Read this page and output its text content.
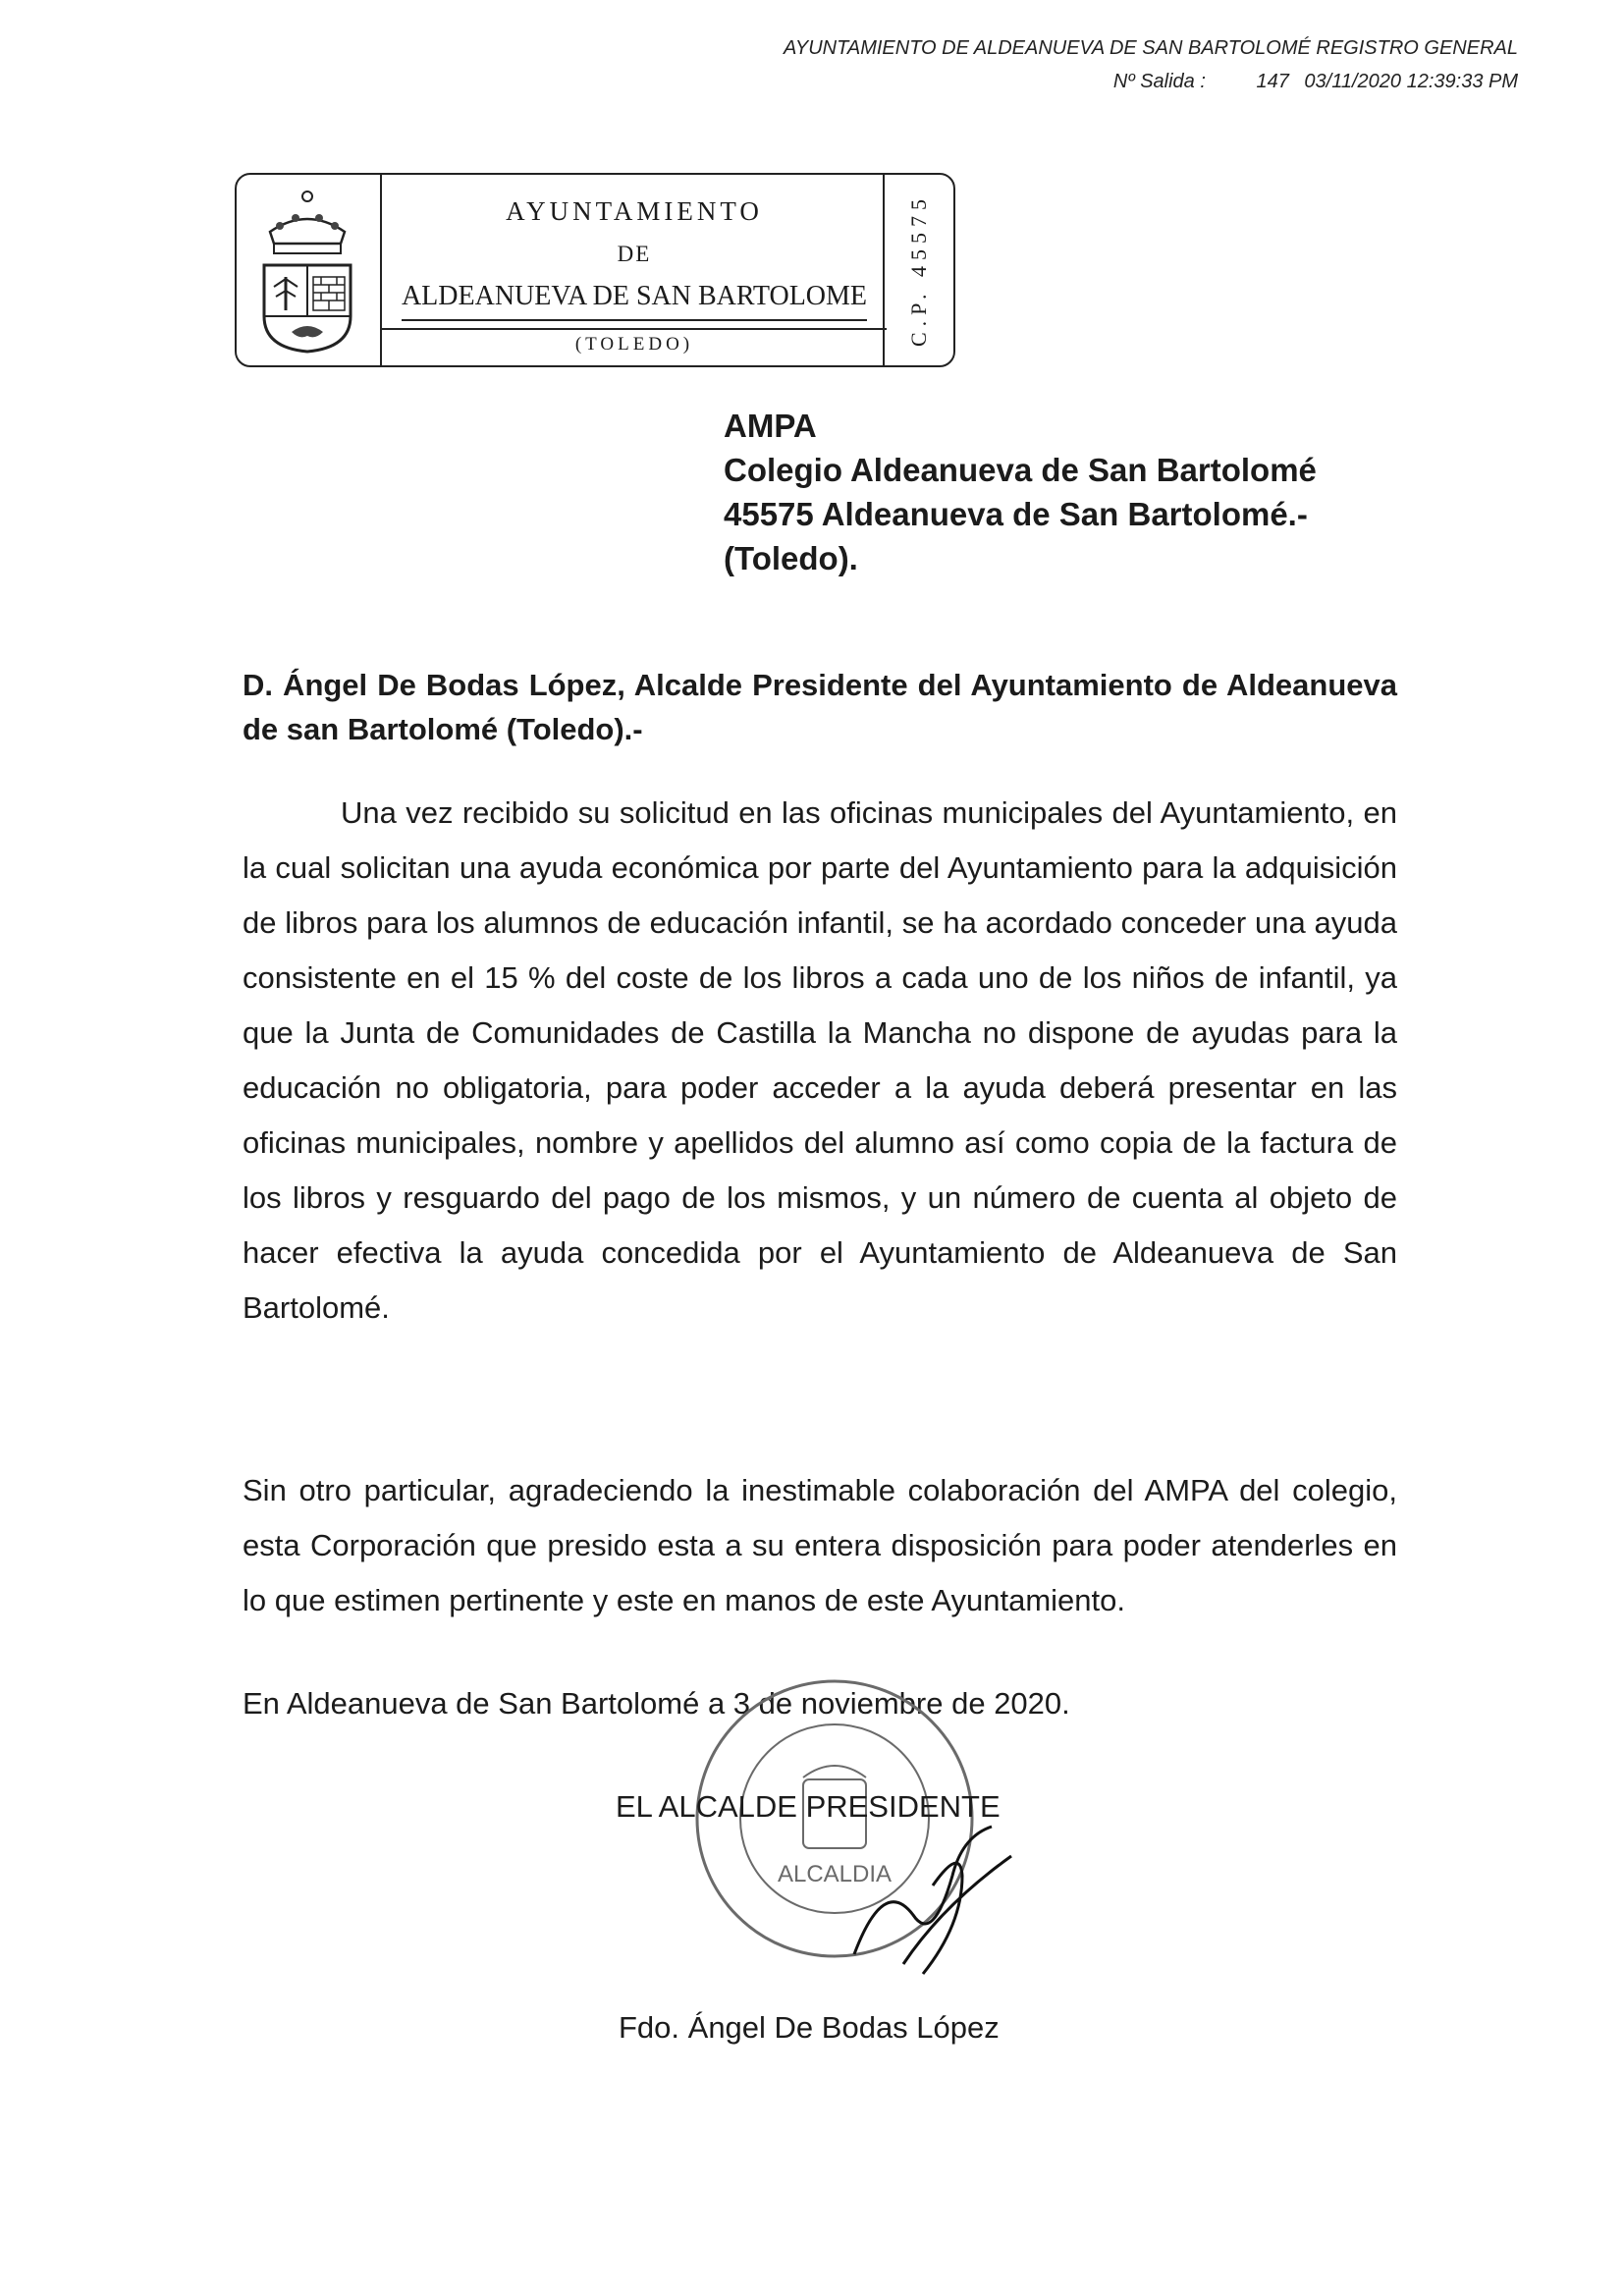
AYUNTAMIENTO DE ALDEANUEVA DE SAN BARTOLOMÉ REGISTRO GENERAL
Nº Salida :	147 03/11/2020 12:39:33 PM
AYUNTAMIENTO
DE
ALDEANUEVA DE SAN BARTOLOME
(TOLEDO)	C.P. 45575
AMPA
Colegio Aldeanueva de San Bartolomé
45575 Aldeanueva de San Bartolomé.-
(Toledo).
D. Ángel De Bodas López, Alcalde Presidente del Ayuntamiento de Aldeanueva de san Bartolomé (Toledo).-
Una vez recibido su solicitud en las oficinas municipales del Ayuntamiento, en la cual solicitan una ayuda económica por parte del Ayuntamiento para la adquisición de libros para los alumnos de educación infantil, se ha acordado conceder una ayuda consistente en el 15 % del coste de los libros a cada uno de los niños de infantil, ya que la Junta de Comunidades de Castilla la Mancha no dispone de ayudas para la educación no obligatoria, para poder acceder a la ayuda deberá presentar en las oficinas municipales, nombre y apellidos del alumno así como copia de la factura de los libros y resguardo del pago de los mismos, y un número de cuenta al objeto de hacer efectiva la ayuda concedida por el Ayuntamiento de Aldeanueva de San Bartolomé.
Sin otro particular, agradeciendo la inestimable colaboración del AMPA del colegio, esta Corporación que presido esta a su entera disposición para poder atenderles en lo que estimen pertinente y este en manos de este Ayuntamiento.
En Aldeanueva de San Bartolomé a 3 de noviembre de 2020.
ALCALDIA
EL ALCALDE PRESIDENTE
Fdo. Ángel De Bodas López
